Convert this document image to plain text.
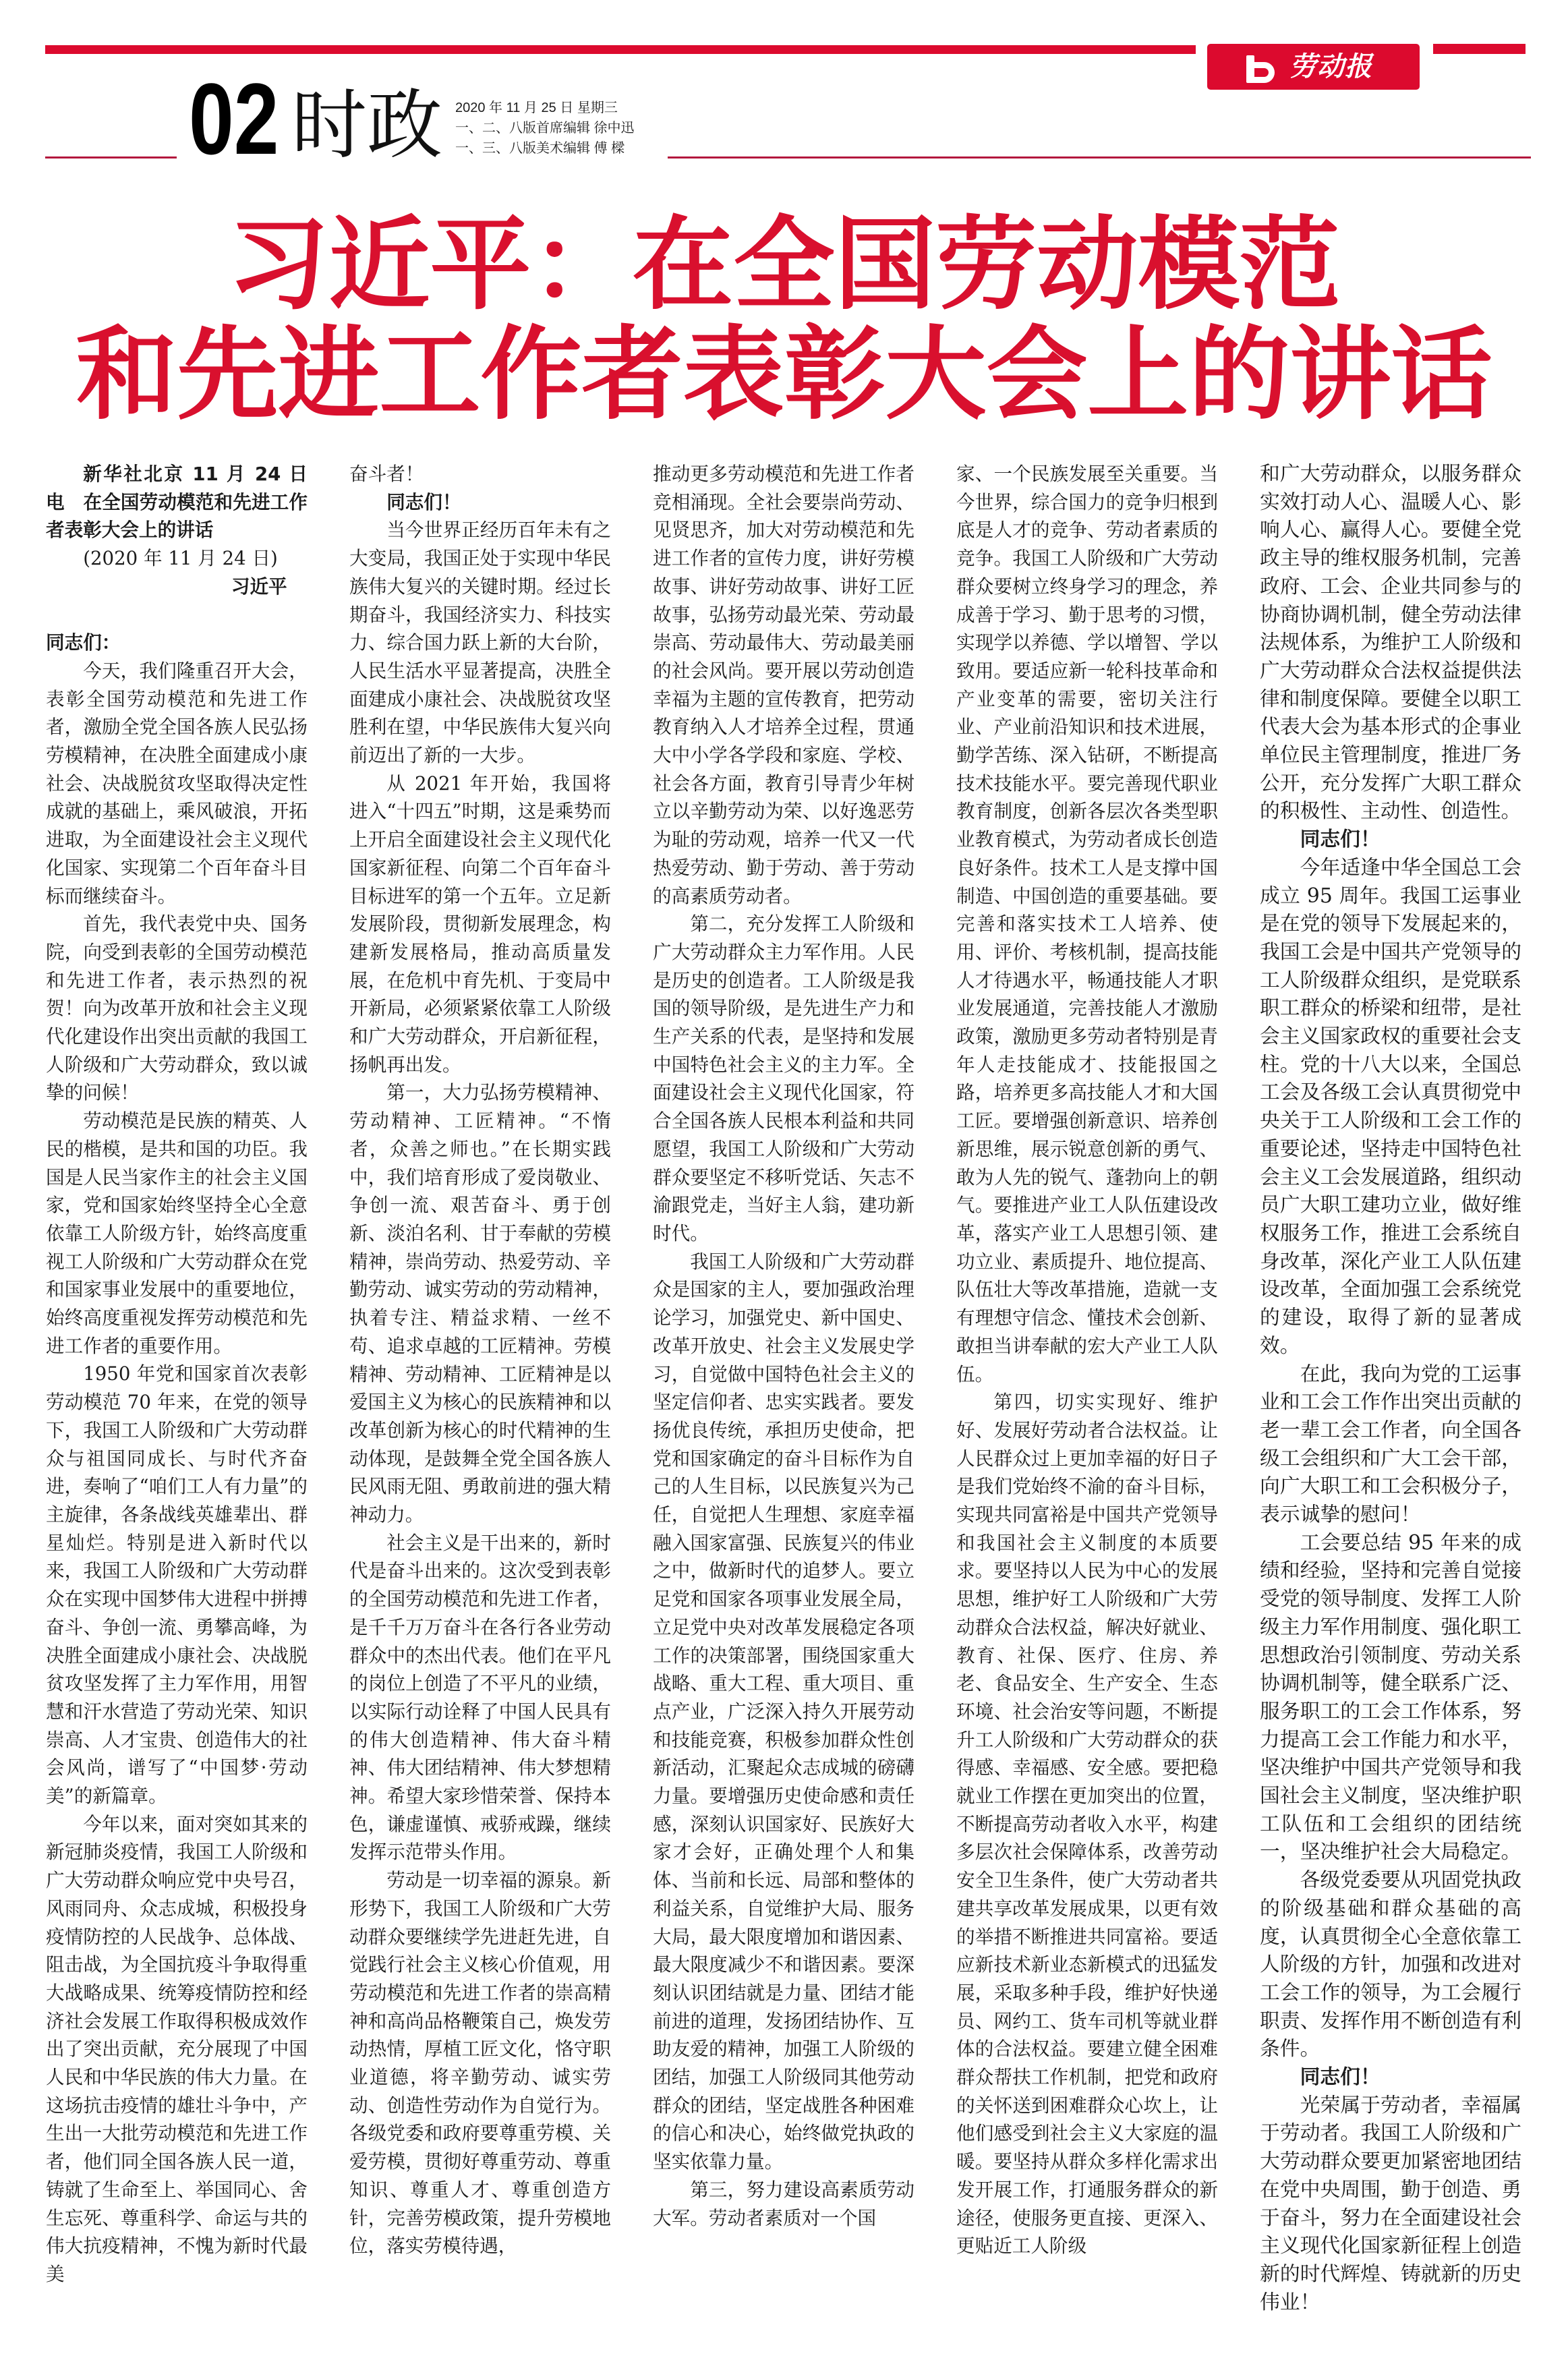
劳动报
02 时政 2020 年 11 月 25 日 星期三
一、二、八版首席编辑 徐中迅
一、三、八版美术编辑 傅 樑
习近平：在全国劳动模范
和先进工作者表彰大会上的讲话

新华社北京 11 月 24 日电　在全国劳动模范和先进工作者表彰大会上的讲话

(2020 年 11 月 24 日)

习近平

同志们：

今天，我们隆重召开大会，表彰全国劳动模范和先进工作者，激励全党全国各族人民弘扬劳模精神，在决胜全面建成小康社会、决战脱贫攻坚取得决定性成就的基础上，乘风破浪，开拓进取，为全面建设社会主义现代化国家、实现第二个百年奋斗目标而继续奋斗。

首先，我代表党中央、国务院，向受到表彰的全国劳动模范和先进工作者，表示热烈的祝贺！向为改革开放和社会主义现代化建设作出突出贡献的我国工人阶级和广大劳动群众，致以诚挚的问候！

劳动模范是民族的精英、人民的楷模，是共和国的功臣。我国是人民当家作主的社会主义国家，党和国家始终坚持全心全意依靠工人阶级方针，始终高度重视工人阶级和广大劳动群众在党和国家事业发展中的重要地位，始终高度重视发挥劳动模范和先进工作者的重要作用。

1950 年党和国家首次表彰劳动模范 70 年来，在党的领导下，我国工人阶级和广大劳动群众与祖国同成长、与时代齐奋进，奏响了“咱们工人有力量”的主旋律，各条战线英雄辈出、群星灿烂。特别是进入新时代以来，我国工人阶级和广大劳动群众在实现中国梦伟大进程中拼搏奋斗、争创一流、勇攀高峰，为决胜全面建成小康社会、决战脱贫攻坚发挥了主力军作用，用智慧和汗水营造了劳动光荣、知识崇高、人才宝贵、创造伟大的社会风尚，谱写了“中国梦·劳动美”的新篇章。

今年以来，面对突如其来的新冠肺炎疫情，我国工人阶级和广大劳动群众响应党中央号召，风雨同舟、众志成城，积极投身疫情防控的人民战争、总体战、阻击战，为全国抗疫斗争取得重大战略成果、统筹疫情防控和经济社会发展工作取得积极成效作出了突出贡献，充分展现了中国人民和中华民族的伟大力量。在这场抗击疫情的雄壮斗争中，产生出一大批劳动模范和先进工作者，他们同全国各族人民一道，铸就了生命至上、举国同心、舍生忘死、尊重科学、命运与共的伟大抗疫精神，不愧为新时代最美

奋斗者！

同志们！

当今世界正经历百年未有之大变局，我国正处于实现中华民族伟大复兴的关键时期。经过长期奋斗，我国经济实力、科技实力、综合国力跃上新的大台阶，人民生活水平显著提高，决胜全面建成小康社会、决战脱贫攻坚胜利在望，中华民族伟大复兴向前迈出了新的一大步。

从 2021 年开始，我国将进入“十四五”时期，这是乘势而上开启全面建设社会主义现代化国家新征程、向第二个百年奋斗目标进军的第一个五年。立足新发展阶段，贯彻新发展理念，构建新发展格局，推动高质量发展，在危机中育先机、于变局中开新局，必须紧紧依靠工人阶级和广大劳动群众，开启新征程，扬帆再出发。

第一，大力弘扬劳模精神、劳动精神、工匠精神。“不惰者，众善之师也。”在长期实践中，我们培育形成了爱岗敬业、争创一流、艰苦奋斗、勇于创新、淡泊名利、甘于奉献的劳模精神，崇尚劳动、热爱劳动、辛勤劳动、诚实劳动的劳动精神，执着专注、精益求精、一丝不苟、追求卓越的工匠精神。劳模精神、劳动精神、工匠精神是以爱国主义为核心的民族精神和以改革创新为核心的时代精神的生动体现，是鼓舞全党全国各族人民风雨无阻、勇敢前进的强大精神动力。

社会主义是干出来的，新时代是奋斗出来的。这次受到表彰的全国劳动模范和先进工作者，是千千万万奋斗在各行各业劳动群众中的杰出代表。他们在平凡的岗位上创造了不平凡的业绩，以实际行动诠释了中国人民具有的伟大创造精神、伟大奋斗精神、伟大团结精神、伟大梦想精神。希望大家珍惜荣誉、保持本色，谦虚谨慎、戒骄戒躁，继续发挥示范带头作用。

劳动是一切幸福的源泉。新形势下，我国工人阶级和广大劳动群众要继续学先进赶先进，自觉践行社会主义核心价值观，用劳动模范和先进工作者的崇高精神和高尚品格鞭策自己，焕发劳动热情，厚植工匠文化，恪守职业道德，将辛勤劳动、诚实劳动、创造性劳动作为自觉行为。各级党委和政府要尊重劳模、关爱劳模，贯彻好尊重劳动、尊重知识、尊重人才、尊重创造方针，完善劳模政策，提升劳模地位，落实劳模待遇，

推动更多劳动模范和先进工作者竞相涌现。全社会要崇尚劳动、见贤思齐，加大对劳动模范和先进工作者的宣传力度，讲好劳模故事、讲好劳动故事、讲好工匠故事，弘扬劳动最光荣、劳动最崇高、劳动最伟大、劳动最美丽的社会风尚。要开展以劳动创造幸福为主题的宣传教育，把劳动教育纳入人才培养全过程，贯通大中小学各学段和家庭、学校、社会各方面，教育引导青少年树立以辛勤劳动为荣、以好逸恶劳为耻的劳动观，培养一代又一代热爱劳动、勤于劳动、善于劳动的高素质劳动者。

第二，充分发挥工人阶级和广大劳动群众主力军作用。人民是历史的创造者。工人阶级是我国的领导阶级，是先进生产力和生产关系的代表，是坚持和发展中国特色社会主义的主力军。全面建设社会主义现代化国家，符合全国各族人民根本利益和共同愿望，我国工人阶级和广大劳动群众要坚定不移听党话、矢志不渝跟党走，当好主人翁，建功新时代。

我国工人阶级和广大劳动群众是国家的主人，要加强政治理论学习，加强党史、新中国史、改革开放史、社会主义发展史学习，自觉做中国特色社会主义的坚定信仰者、忠实实践者。要发扬优良传统，承担历史使命，把党和国家确定的奋斗目标作为自己的人生目标，以民族复兴为己任，自觉把人生理想、家庭幸福融入国家富强、民族复兴的伟业之中，做新时代的追梦人。要立足党和国家各项事业发展全局，立足党中央对改革发展稳定各项工作的决策部署，围绕国家重大战略、重大工程、重大项目、重点产业，广泛深入持久开展劳动和技能竞赛，积极参加群众性创新活动，汇聚起众志成城的磅礴力量。要增强历史使命感和责任感，深刻认识国家好、民族好大家才会好，正确处理个人和集体、当前和长远、局部和整体的利益关系，自觉维护大局、服务大局，最大限度增加和谐因素、最大限度减少不和谐因素。要深刻认识团结就是力量、团结才能前进的道理，发扬团结协作、互助友爱的精神，加强工人阶级的团结，加强工人阶级同其他劳动群众的团结，坚定战胜各种困难的信心和决心，始终做党执政的坚实依靠力量。

第三，努力建设高素质劳动大军。劳动者素质对一个国

家、一个民族发展至关重要。当今世界，综合国力的竞争归根到底是人才的竞争、劳动者素质的竞争。我国工人阶级和广大劳动群众要树立终身学习的理念，养成善于学习、勤于思考的习惯，实现学以养德、学以增智、学以致用。要适应新一轮科技革命和产业变革的需要，密切关注行业、产业前沿知识和技术进展，勤学苦练、深入钻研，不断提高技术技能水平。要完善现代职业教育制度，创新各层次各类型职业教育模式，为劳动者成长创造良好条件。技术工人是支撑中国制造、中国创造的重要基础。要完善和落实技术工人培养、使用、评价、考核机制，提高技能人才待遇水平，畅通技能人才职业发展通道，完善技能人才激励政策，激励更多劳动者特别是青年人走技能成才、技能报国之路，培养更多高技能人才和大国工匠。要增强创新意识、培养创新思维，展示锐意创新的勇气、敢为人先的锐气、蓬勃向上的朝气。要推进产业工人队伍建设改革，落实产业工人思想引领、建功立业、素质提升、地位提高、队伍壮大等改革措施，造就一支有理想守信念、懂技术会创新、敢担当讲奉献的宏大产业工人队伍。

第四，切实实现好、维护好、发展好劳动者合法权益。让人民群众过上更加幸福的好日子是我们党始终不渝的奋斗目标，实现共同富裕是中国共产党领导和我国社会主义制度的本质要求。要坚持以人民为中心的发展思想，维护好工人阶级和广大劳动群众合法权益，解决好就业、教育、社保、医疗、住房、养老、食品安全、生产安全、生态环境、社会治安等问题，不断提升工人阶级和广大劳动群众的获得感、幸福感、安全感。要把稳就业工作摆在更加突出的位置，不断提高劳动者收入水平，构建多层次社会保障体系，改善劳动安全卫生条件，使广大劳动者共建共享改革发展成果，以更有效的举措不断推进共同富裕。要适应新技术新业态新模式的迅猛发展，采取多种手段，维护好快递员、网约工、货车司机等就业群体的合法权益。要建立健全困难群众帮扶工作机制，把党和政府的关怀送到困难群众心坎上，让他们感受到社会主义大家庭的温暖。要坚持从群众多样化需求出发开展工作，打通服务群众的新途径，使服务更直接、更深入、更贴近工人阶级

和广大劳动群众，以服务群众实效打动人心、温暖人心、影响人心、赢得人心。要健全党政主导的维权服务机制，完善政府、工会、企业共同参与的协商协调机制，健全劳动法律法规体系，为维护工人阶级和广大劳动群众合法权益提供法律和制度保障。要健全以职工代表大会为基本形式的企事业单位民主管理制度，推进厂务公开，充分发挥广大职工群众的积极性、主动性、创造性。

同志们！

今年适逢中华全国总工会成立 95 周年。我国工运事业是在党的领导下发展起来的，我国工会是中国共产党领导的工人阶级群众组织，是党联系职工群众的桥梁和纽带，是社会主义国家政权的重要社会支柱。党的十八大以来，全国总工会及各级工会认真贯彻党中央关于工人阶级和工会工作的重要论述，坚持走中国特色社会主义工会发展道路，组织动员广大职工建功立业，做好维权服务工作，推进工会系统自身改革，深化产业工人队伍建设改革，全面加强工会系统党的建设，取得了新的显著成效。

在此，我向为党的工运事业和工会工作作出突出贡献的老一辈工会工作者，向全国各级工会组织和广大工会干部，向广大职工和工会积极分子，表示诚挚的慰问！

工会要总结 95 年来的成绩和经验，坚持和完善自觉接受党的领导制度、发挥工人阶级主力军作用制度、强化职工思想政治引领制度、劳动关系协调机制等，健全联系广泛、服务职工的工会工作体系，努力提高工会工作能力和水平，坚决维护中国共产党领导和我国社会主义制度，坚决维护职工队伍和工会组织的团结统一，坚决维护社会大局稳定。

各级党委要从巩固党执政的阶级基础和群众基础的高度，认真贯彻全心全意依靠工人阶级的方针，加强和改进对工会工作的领导，为工会履行职责、发挥作用不断创造有利条件。

同志们！

光荣属于劳动者，幸福属于劳动者。我国工人阶级和广大劳动群众要更加紧密地团结在党中央周围，勤于创造、勇于奋斗，努力在全面建设社会主义现代化国家新征程上创造新的时代辉煌、铸就新的历史伟业！
